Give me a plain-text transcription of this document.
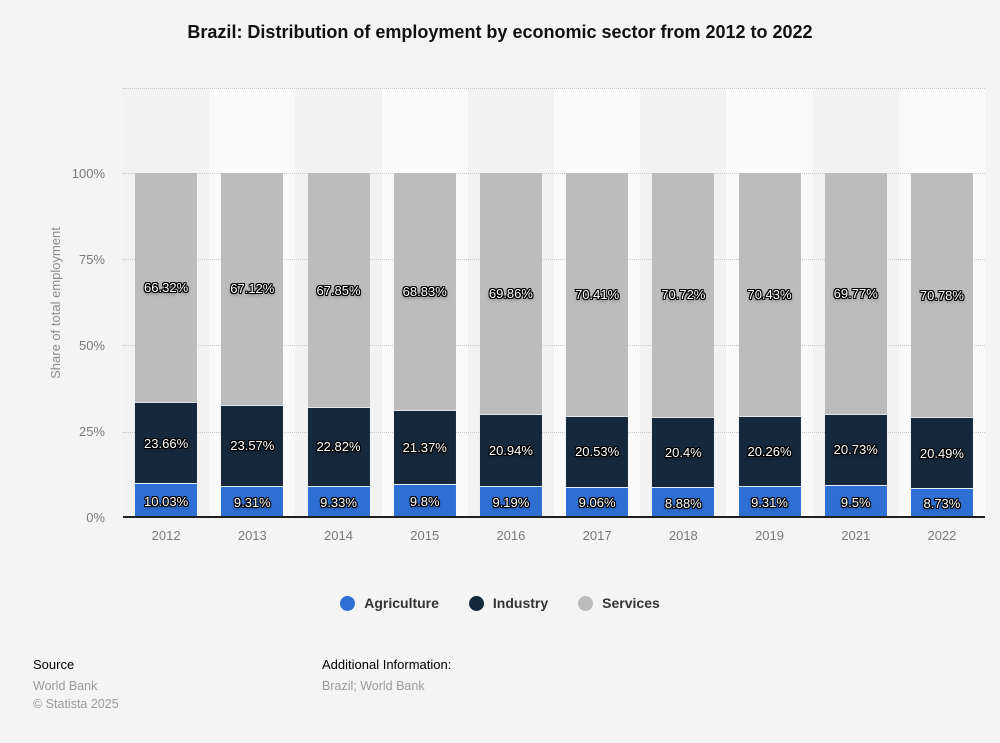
Brazil: Distribution of employment by economic sector from 2012 to 2022
Share of total employment
100%
75%
50%
25%
0%
66.32%
23.66%
10.03%
67.12%
23.57%
9.31%
67.85%
22.82%
9.33%
68.83%
21.37%
9.8%
69.86%
20.94%
9.19%
70.41%
20.53%
9.06%
70.72%
20.4%
8.88%
70.43%
20.26%
9.31%
69.77%
20.73%
9.5%
70.78%
20.49%
8.73%
2012	2013	2014	2015	2016	2017	2018	2019	2021	2022
Agriculture	Industry	Services
Source
World Bank
© Statista 2025
Additional Information:
Brazil; World Bank
